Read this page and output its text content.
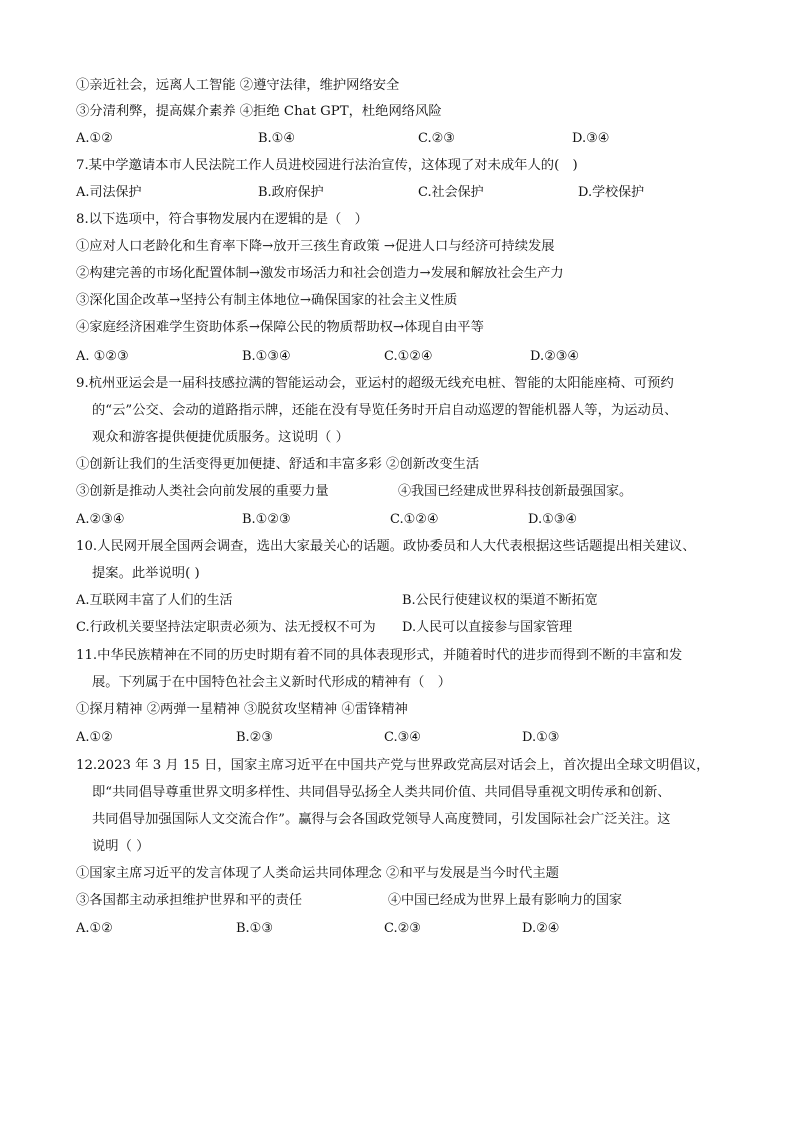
①亲近社会，远离人工智能 ②遵守法律，维护网络安全
③分清利弊，提高媒介素养 ④拒绝 Chat GPT，杜绝网络风险
A.①②	B.①④	C.②③	D.③④
7.某中学邀请本市人民法院工作人员进校园进行法治宣传，这体现了对未成年人的(　)
A.司法保护	B.政府保护	C.社会保护	D.学校保护
8.以下选项中，符合事物发展内在逻辑的是（　）
①应对人口老龄化和生育率下降→放开三孩生育政策 →促进人口与经济可持续发展
②构建完善的市场化配置体制→激发市场活力和社会创造力→发展和解放社会生产力
③深化国企改革→坚持公有制主体地位→确保国家的社会主义性质
④家庭经济困难学生资助体系→保障公民的物质帮助权→体现自由平等
A. ①②③	B.①③④	C.①②④	D.②③④
9.杭州亚运会是一届科技感拉满的智能运动会，亚运村的超级无线充电桩、智能的太阳能座椅、可预约
的“云”公交、会动的道路指示牌，还能在没有导览任务时开启自动巡逻的智能机器人等，为运动员、
观众和游客提供便捷优质服务。这说明（ ）
①创新让我们的生活变得更加便捷、舒适和丰富多彩 ②创新改变生活
③创新是推动人类社会向前发展的重要力量	④我国已经建成世界科技创新最强国家。
A.②③④	B.①②③	C.①②④	D.①③④
10.人民网开展全国两会调查，选出大家最关心的话题。政协委员和人大代表根据这些话题提出相关建议、
提案。此举说明( )
A.互联网丰富了人们的生活	B.公民行使建议权的渠道不断拓宽
C.行政机关要坚持法定职责必须为、法无授权不可为 D.人民可以直接参与国家管理
11.中华民族精神在不同的历史时期有着不同的具体表现形式，并随着时代的进步而得到不断的丰富和发
展。下列属于在中国特色社会主义新时代形成的精神有（　）
①探月精神 ②两弹一星精神 ③脱贫攻坚精神 ④雷锋精神
A.①②	B.②③	C.③④	D.①③
12.2023 年 3 月 15 日，国家主席习近平在中国共产党与世界政党高层对话会上，首次提出全球文明倡议，
即“共同倡导尊重世界文明多样性、共同倡导弘扬全人类共同价值、共同倡导重视文明传承和创新、
共同倡导加强国际人文交流合作”。赢得与会各国政党领导人高度赞同，引发国际社会广泛关注。这
说明（ ）
①国家主席习近平的发言体现了人类命运共同体理念 ②和平与发展是当今时代主题
③各国都主动承担维护世界和平的责任	④中国已经成为世界上最有影响力的国家
A.①②	B.①③	C.②③	D.②④
